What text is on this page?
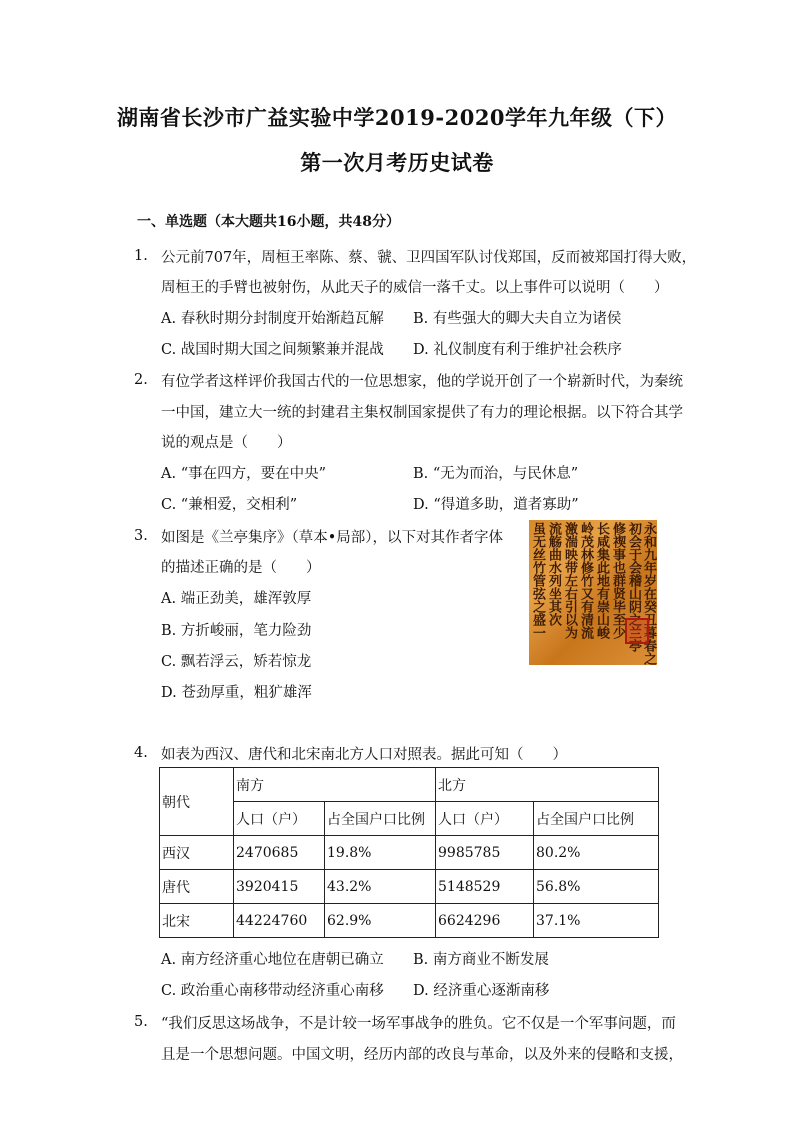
湖南省长沙市广益实验中学2019-2020学年九年级（下）
第一次月考历史试卷
一、单选题（本大题共16小题，共48分）
1. 公元前707年，周桓王率陈、蔡、虢、卫四国军队讨伐郑国，反而被郑国打得大败，
周桓王的手臂也被射伤，从此天子的威信一落千丈。以上事件可以说明（　　）
A. 春秋时期分封制度开始渐趋瓦解 B. 有些强大的卿大夫自立为诸侯
C. 战国时期大国之间频繁兼并混战 D. 礼仪制度有利于维护社会秩序
2. 有位学者这样评价我国古代的一位思想家，他的学说开创了一个崭新时代，为秦统
一中国，建立大一统的封建君主集权制国家提供了有力的理论根据。以下符合其学
说的观点是（　　）
A. “事在四方，要在中央”	B. “无为而治，与民休息”
C. “兼相爱，交相利”	D. “得道多助，道者寡助”
3. 如图是《兰亭集序》（草本•局部），以下对其作者字体
的描述正确的是（　　）
A. 端正劲美，雄浑敦厚
B. 方折峻丽，笔力险劲
C. 飘若浮云，矫若惊龙
D. 苍劲厚重，粗犷雄浑
永和九年岁在癸丑暮春之
初会于会稽山阴之兰亭
修禊事也群贤毕至少
长咸集此地有崇山峻
岭茂林修竹又有清流
激湍映带左右引以为
流觞曲水列坐其次
虽无丝竹管弦之盛一
4. 如表为西汉、唐代和北宋南北方人口对照表。据此可知（　　）
朝代	南方		北方	
	人口（户）	占全国户口比例	人口（户）	占全国户口比例
西汉	2470685	19.8%	9985785	80.2%
唐代	3920415	43.2%	5148529	56.8%
北宋	44224760	62.9%	6624296	37.1%
A. 南方经济重心地位在唐朝已确立 B. 南方商业不断发展
C. 政治重心南移带动经济重心南移 D. 经济重心逐渐南移
5. “我们反思这场战争，不是计较一场军事战争的胜负。它不仅是一个军事问题，而
且是一个思想问题。中国文明，经历内部的改良与革命，以及外来的侵略和支援，
